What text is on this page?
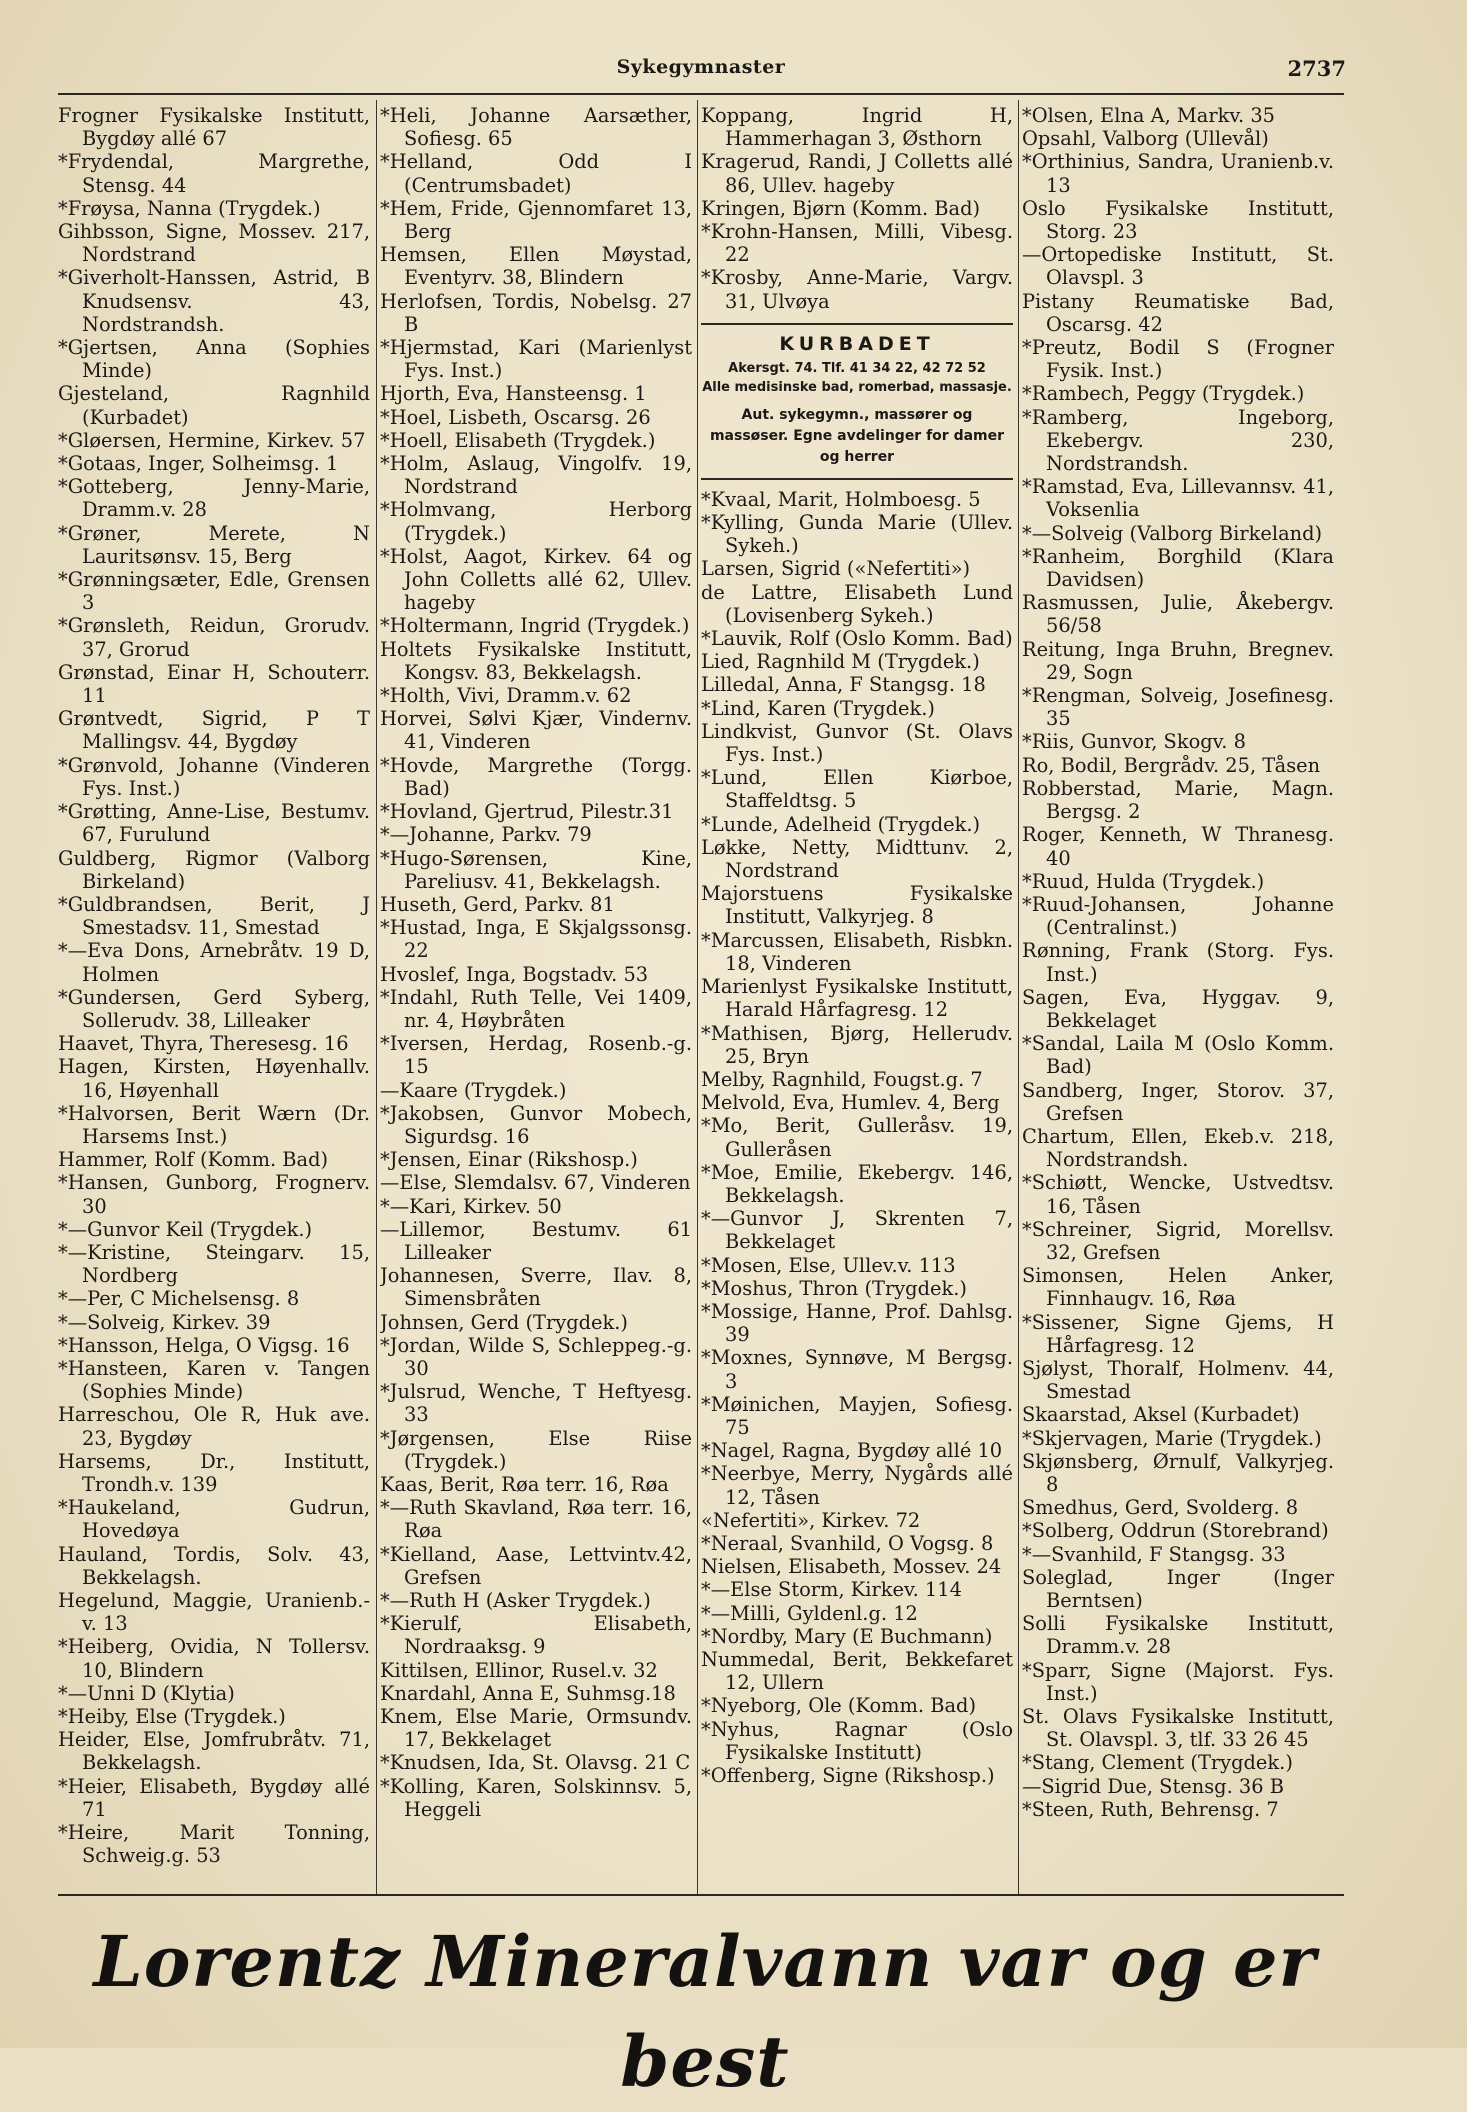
Sykegymnaster	2737
Frogner Fysikalske Institutt, Bygdøy allé 67
*Frydendal, Margrethe, Stensg. 44
*Frøysa, Nanna (Trygdek.)
Gihbsson, Signe, Mossev. 217, Nordstrand
*Giverholt-Hanssen, Astrid, B Knudsensv. 43, Nordstrandsh.
*Gjertsen, Anna (Sophies Minde)
Gjesteland, Ragnhild (Kurbadet)
*Gløersen, Hermine, Kirkev. 57
*Gotaas, Inger, Solheimsg. 1
*Gotteberg, Jenny-Marie, Dramm.v. 28
*Grøner, Merete, N Lauritsønsv. 15, Berg
*Grønningsæter, Edle, Grensen 3
*Grønsleth, Reidun, Grorudv. 37, Grorud
Grønstad, Einar H, Schouterr. 11
Grøntvedt, Sigrid, P T Mallingsv. 44, Bygdøy
*Grønvold, Johanne (Vinderen Fys. Inst.)
*Grøtting, Anne-Lise, Bestumv. 67, Furulund
Guldberg, Rigmor (Valborg Birkeland)
*Guldbrandsen, Berit, J Smestadsv. 11, Smestad
*—Eva Dons, Arnebråtv. 19 D, Holmen
*Gundersen, Gerd Syberg, Sollerudv. 38, Lilleaker
Haavet, Thyra, Theresesg. 16
Hagen, Kirsten, Høyenhallv. 16, Høyenhall
*Halvorsen, Berit Wærn (Dr. Harsems Inst.)
Hammer, Rolf (Komm. Bad)
*Hansen, Gunborg, Frognerv. 30
*—Gunvor Keil (Trygdek.)
*—Kristine, Steingarv. 15, Nordberg
*—Per, C Michelsensg. 8
*—Solveig, Kirkev. 39
*Hansson, Helga, O Vigsg. 16
*Hansteen, Karen v. Tangen (Sophies Minde)
Harreschou, Ole R, Huk ave. 23, Bygdøy
Harsems, Dr., Institutt, Trondh.v. 139
*Haukeland, Gudrun, Hovedøya
Hauland, Tordis, Solv. 43, Bekkelagsh.
Hegelund, Maggie, Uranienb.-v. 13
*Heiberg, Ovidia, N Tollersv. 10, Blindern
*—Unni D (Klytia)
*Heiby, Else (Trygdek.)
Heider, Else, Jomfrubråtv. 71, Bekkelagsh.
*Heier, Elisabeth, Bygdøy allé 71
*Heire, Marit Tonning, Schweig.g. 53
*Heli, Johanne Aarsæther, Sofiesg. 65
*Helland, Odd I (Centrumsbadet)
*Hem, Fride, Gjennomfaret 13, Berg
Hemsen, Ellen Møystad, Eventyrv. 38, Blindern
Herlofsen, Tordis, Nobelsg. 27 B
*Hjermstad, Kari (Marienlyst Fys. Inst.)
Hjorth, Eva, Hansteensg. 1
*Hoel, Lisbeth, Oscarsg. 26
*Hoell, Elisabeth (Trygdek.)
*Holm, Aslaug, Vingolfv. 19, Nordstrand
*Holmvang, Herborg (Trygdek.)
*Holst, Aagot, Kirkev. 64 og John Colletts allé 62, Ullev. hageby
*Holtermann, Ingrid (Trygdek.)
Holtets Fysikalske Institutt, Kongsv. 83, Bekkelagsh.
*Holth, Vivi, Dramm.v. 62
Horvei, Sølvi Kjær, Vindernv. 41, Vinderen
*Hovde, Margrethe (Torgg. Bad)
*Hovland, Gjertrud, Pilestr.31
*—Johanne, Parkv. 79
*Hugo-Sørensen, Kine, Pareliusv. 41, Bekkelagsh.
Huseth, Gerd, Parkv. 81
*Hustad, Inga, E Skjalgssonsg. 22
Hvoslef, Inga, Bogstadv. 53
*Indahl, Ruth Telle, Vei 1409, nr. 4, Høybråten
*Iversen, Herdag, Rosenb.-g. 15
—Kaare (Trygdek.)
*Jakobsen, Gunvor Mobech, Sigurdsg. 16
*Jensen, Einar (Rikshosp.)
—Else, Slemdalsv. 67, Vinderen
*—Kari, Kirkev. 50
—Lillemor, Bestumv. 61 Lilleaker
Johannesen, Sverre, Ilav. 8, Simensbråten
Johnsen, Gerd (Trygdek.)
*Jordan, Wilde S, Schleppeg.-g. 30
*Julsrud, Wenche, T Heftyesg. 33
*Jørgensen, Else Riise (Trygdek.)
Kaas, Berit, Røa terr. 16, Røa
*—Ruth Skavland, Røa terr. 16, Røa
*Kielland, Aase, Lettvintv.42, Grefsen
*—Ruth H (Asker Trygdek.)
*Kierulf, Elisabeth, Nordraaksg. 9
Kittilsen, Ellinor, Rusel.v. 32
Knardahl, Anna E, Suhmsg.18
Knem, Else Marie, Ormsundv. 17, Bekkelaget
*Knudsen, Ida, St. Olavsg. 21 C
*Kolling, Karen, Solskinnsv. 5, Heggeli
Koppang, Ingrid H, Hammerhagan 3, Østhorn
Kragerud, Randi, J Colletts allé 86, Ullev. hageby
Kringen, Bjørn (Komm. Bad)
*Krohn-Hansen, Milli, Vibesg. 22
*Krosby, Anne-Marie, Vargv. 31, Ulvøya
KURBADET
Akersgt. 74. Tlf. 41 34 22, 42 72 52
Alle medisinske bad, romerbad, massasje.
Aut. sykegymn., massører og massøser. Egne avdelinger for damer og herrer
*Kvaal, Marit, Holmboesg. 5
*Kylling, Gunda Marie (Ullev. Sykeh.)
Larsen, Sigrid («Nefertiti»)
de Lattre, Elisabeth Lund (Lovisenberg Sykeh.)
*Lauvik, Rolf (Oslo Komm. Bad)
Lied, Ragnhild M (Trygdek.)
Lilledal, Anna, F Stangsg. 18
*Lind, Karen (Trygdek.)
Lindkvist, Gunvor (St. Olavs Fys. Inst.)
*Lund, Ellen Kiørboe, Staffeldtsg. 5
*Lunde, Adelheid (Trygdek.)
Løkke, Netty, Midttunv. 2, Nordstrand
Majorstuens Fysikalske Institutt, Valkyrjeg. 8
*Marcussen, Elisabeth, Risbkn. 18, Vinderen
Marienlyst Fysikalske Institutt, Harald Hårfagresg. 12
*Mathisen, Bjørg, Hellerudv. 25, Bryn
Melby, Ragnhild, Fougst.g. 7
Melvold, Eva, Humlev. 4, Berg
*Mo, Berit, Gulleråsv. 19, Gulleråsen
*Moe, Emilie, Ekebergv. 146, Bekkelagsh.
*—Gunvor J, Skrenten 7, Bekkelaget
*Mosen, Else, Ullev.v. 113
*Moshus, Thron (Trygdek.)
*Mossige, Hanne, Prof. Dahlsg. 39
*Moxnes, Synnøve, M Bergsg. 3
*Møinichen, Mayjen, Sofiesg. 75
*Nagel, Ragna, Bygdøy allé 10
*Neerbye, Merry, Nygårds allé 12, Tåsen
«Nefertiti», Kirkev. 72
*Neraal, Svanhild, O Vogsg. 8
Nielsen, Elisabeth, Mossev. 24
*—Else Storm, Kirkev. 114
*—Milli, Gyldenl.g. 12
*Nordby, Mary (E Buchmann)
Nummedal, Berit, Bekkefaret 12, Ullern
*Nyeborg, Ole (Komm. Bad)
*Nyhus, Ragnar (Oslo Fysikalske Institutt)
*Offenberg, Signe (Rikshosp.)
*Olsen, Elna A, Markv. 35
Opsahl, Valborg (Ullevål)
*Orthinius, Sandra, Uranienb.v. 13
Oslo Fysikalske Institutt, Storg. 23
—Ortopediske Institutt, St. Olavspl. 3
Pistany Reumatiske Bad, Oscarsg. 42
*Preutz, Bodil S (Frogner Fysik. Inst.)
*Rambech, Peggy (Trygdek.)
*Ramberg, Ingeborg, Ekebergv. 230, Nordstrandsh.
*Ramstad, Eva, Lillevannsv. 41, Voksenlia
*—Solveig (Valborg Birkeland)
*Ranheim, Borghild (Klara Davidsen)
Rasmussen, Julie, Åkebergv. 56/58
Reitung, Inga Bruhn, Bregnev. 29, Sogn
*Rengman, Solveig, Josefinesg. 35
*Riis, Gunvor, Skogv. 8
Ro, Bodil, Bergrådv. 25, Tåsen
Robberstad, Marie, Magn. Bergsg. 2
Roger, Kenneth, W Thranesg. 40
*Ruud, Hulda (Trygdek.)
*Ruud-Johansen, Johanne (Centralinst.)
Rønning, Frank (Storg. Fys. Inst.)
Sagen, Eva, Hyggav. 9, Bekkelaget
*Sandal, Laila M (Oslo Komm. Bad)
Sandberg, Inger, Storov. 37, Grefsen
Chartum, Ellen, Ekeb.v. 218, Nordstrandsh.
*Schiøtt, Wencke, Ustvedtsv. 16, Tåsen
*Schreiner, Sigrid, Morellsv. 32, Grefsen
Simonsen, Helen Anker, Finnhaugv. 16, Røa
*Sissener, Signe Gjems, H Hårfagresg. 12
Sjølyst, Thoralf, Holmenv. 44, Smestad
Skaarstad, Aksel (Kurbadet)
*Skjervagen, Marie (Trygdek.)
Skjønsberg, Ørnulf, Valkyrjeg. 8
Smedhus, Gerd, Svolderg. 8
*Solberg, Oddrun (Storebrand)
*—Svanhild, F Stangsg. 33
Soleglad, Inger (Inger Berntsen)
Solli Fysikalske Institutt, Dramm.v. 28
*Sparr, Signe (Majorst. Fys. Inst.)
St. Olavs Fysikalske Institutt, St. Olavspl. 3, tlf. 33 26 45
*Stang, Clement (Trygdek.)
—Sigrid Due, Stensg. 36 B
*Steen, Ruth, Behrensg. 7
Lorentz Mineralvann var og er best
